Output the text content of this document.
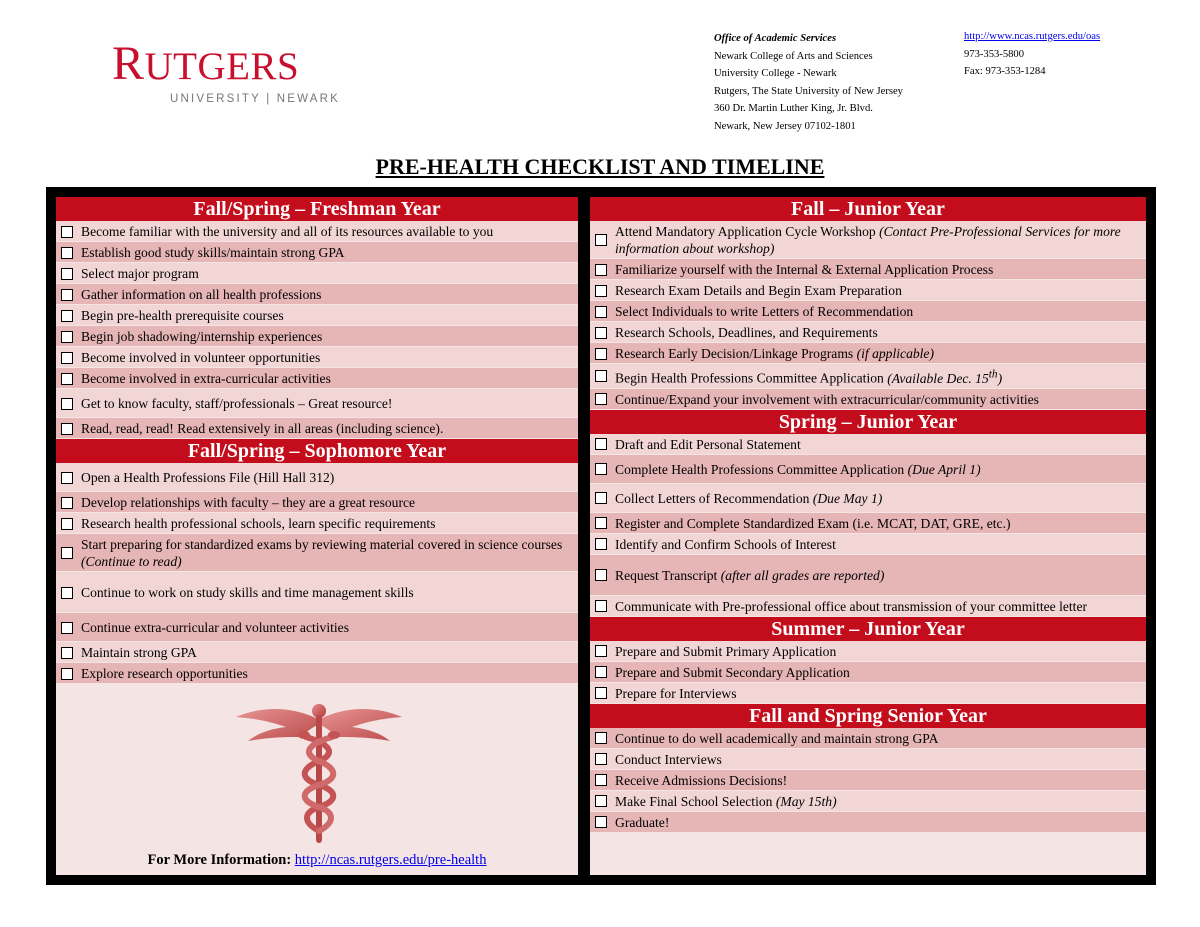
RUTGERS
UNIVERSITY | NEWARK
Office of Academic Services
Newark College of Arts and Sciences
University College - Newark
Rutgers, The State University of New Jersey
360 Dr. Martin Luther King, Jr. Blvd.
Newark, New Jersey 07102-1801
http://www.ncas.rutgers.edu/oas
973-353-5800
Fax: 973-353-1284
PRE-HEALTH CHECKLIST AND TIMELINE
Fall/Spring – Freshman Year
Become familiar with the university and all of its resources available to you
Establish good study skills/maintain strong GPA
Select major program
Gather information on all health professions
Begin pre-health prerequisite courses
Begin job shadowing/internship experiences
Become involved in volunteer opportunities
Become involved in extra-curricular activities
Get to know faculty, staff/professionals – Great resource!
Read, read, read! Read extensively in all areas (including science).
Fall/Spring – Sophomore Year
Open a Health Professions File (Hill Hall 312)
Develop relationships with faculty – they are a great resource
Research health professional schools, learn specific requirements
Start preparing for standardized exams by reviewing material covered in science courses (Continue to read)
Continue to work on study skills and time management skills
Continue extra-curricular and volunteer activities
Maintain strong GPA
Explore research opportunities
For More Information: http://ncas.rutgers.edu/pre-health
Fall – Junior Year
Attend Mandatory Application Cycle Workshop (Contact Pre-Professional Services for more information about workshop)
Familiarize yourself with the Internal & External Application Process
Research Exam Details and Begin Exam Preparation
Select Individuals to write Letters of Recommendation
Research Schools, Deadlines, and Requirements
Research Early Decision/Linkage Programs (if applicable)
Begin Health Professions Committee Application (Available Dec. 15th)
Continue/Expand your involvement with extracurricular/community activities
Spring – Junior Year
Draft and Edit Personal Statement
Complete Health Professions Committee Application (Due April 1)
Collect Letters of Recommendation (Due May 1)
Register and Complete Standardized Exam (i.e. MCAT, DAT, GRE, etc.)
Identify and Confirm Schools of Interest
Request Transcript (after all grades are reported)
Communicate with Pre-professional office about transmission of your committee letter
Summer – Junior Year
Prepare and Submit Primary Application
Prepare and Submit Secondary Application
Prepare for Interviews
Fall and Spring Senior Year
Continue to do well academically and maintain strong GPA
Conduct Interviews
Receive Admissions Decisions!
Make Final School Selection (May 15th)
Graduate!
